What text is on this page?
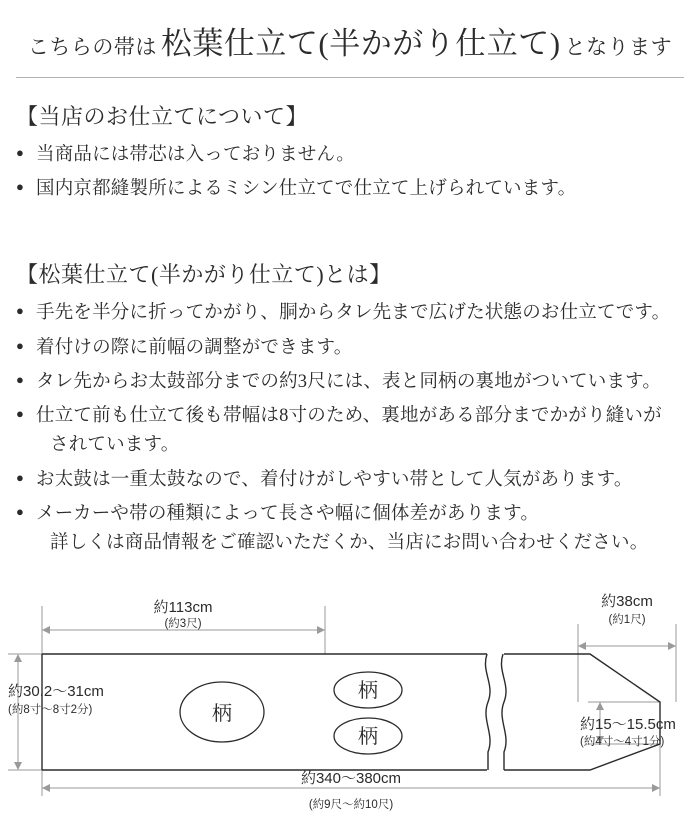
こちらの帯は 松葉仕立て(半かがり仕立て) となります
【当店のお仕立てについて】
● 当商品には帯芯は入っておりません。
● 国内京都縫製所によるミシン仕立てで仕立て上げられています。
【松葉仕立て(半かがり仕立て)とは】
● 手先を半分に折ってかがり、胴からタレ先まで広げた状態のお仕立てです。
● 着付けの際に前幅の調整ができます。
● タレ先からお太鼓部分までの約3尺には、表と同柄の裏地がついています。
● 仕立て前も仕立て後も帯幅は8寸のため、裏地がある部分までかがり縫いが
されています。
● お太鼓は一重太鼓なので、着付けがしやすい帯として人気があります。
● メーカーや帯の種類によって長さや幅に個体差があります。
詳しくは商品情報をご確認いただくか、当店にお問い合わせください。
柄
柄
柄
約113cm
(約3尺)
約30.2〜31cm
(約8寸〜8寸2分)
約38cm
(約1尺)
約15〜15.5cm
(約4寸〜4寸1分)
約340〜380cm
(約9尺〜約10尺)
